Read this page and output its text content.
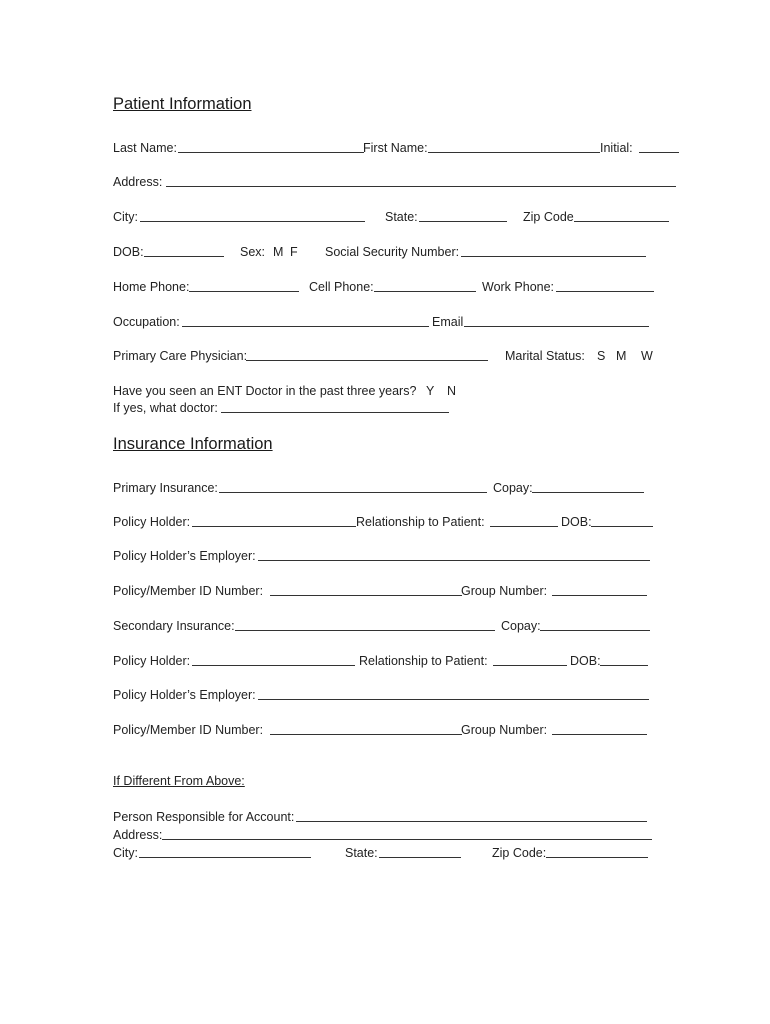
Patient Information
Last Name:	First Name:	Initial:
Address:
City:	State:	Zip Code
DOB:	Sex: M F Social Security Number:
Home Phone:	Cell Phone:	Work Phone:
Occupation:	Email
Primary Care Physician:	Marital Status: S M W
Have you seen an ENT Doctor in the past three years? Y N
If yes, what doctor:
Insurance Information
Primary Insurance:	Copay:
Policy Holder:	Relationship to Patient:	DOB:
Policy Holder’s Employer:
Policy/Member ID Number:	Group Number:
Secondary Insurance:	Copay:
Policy Holder:	Relationship to Patient:	DOB:
Policy Holder’s Employer:
Policy/Member ID Number:	Group Number:
If Different From Above:
Person Responsible for Account:
Address:
City:	State:	Zip Code:
